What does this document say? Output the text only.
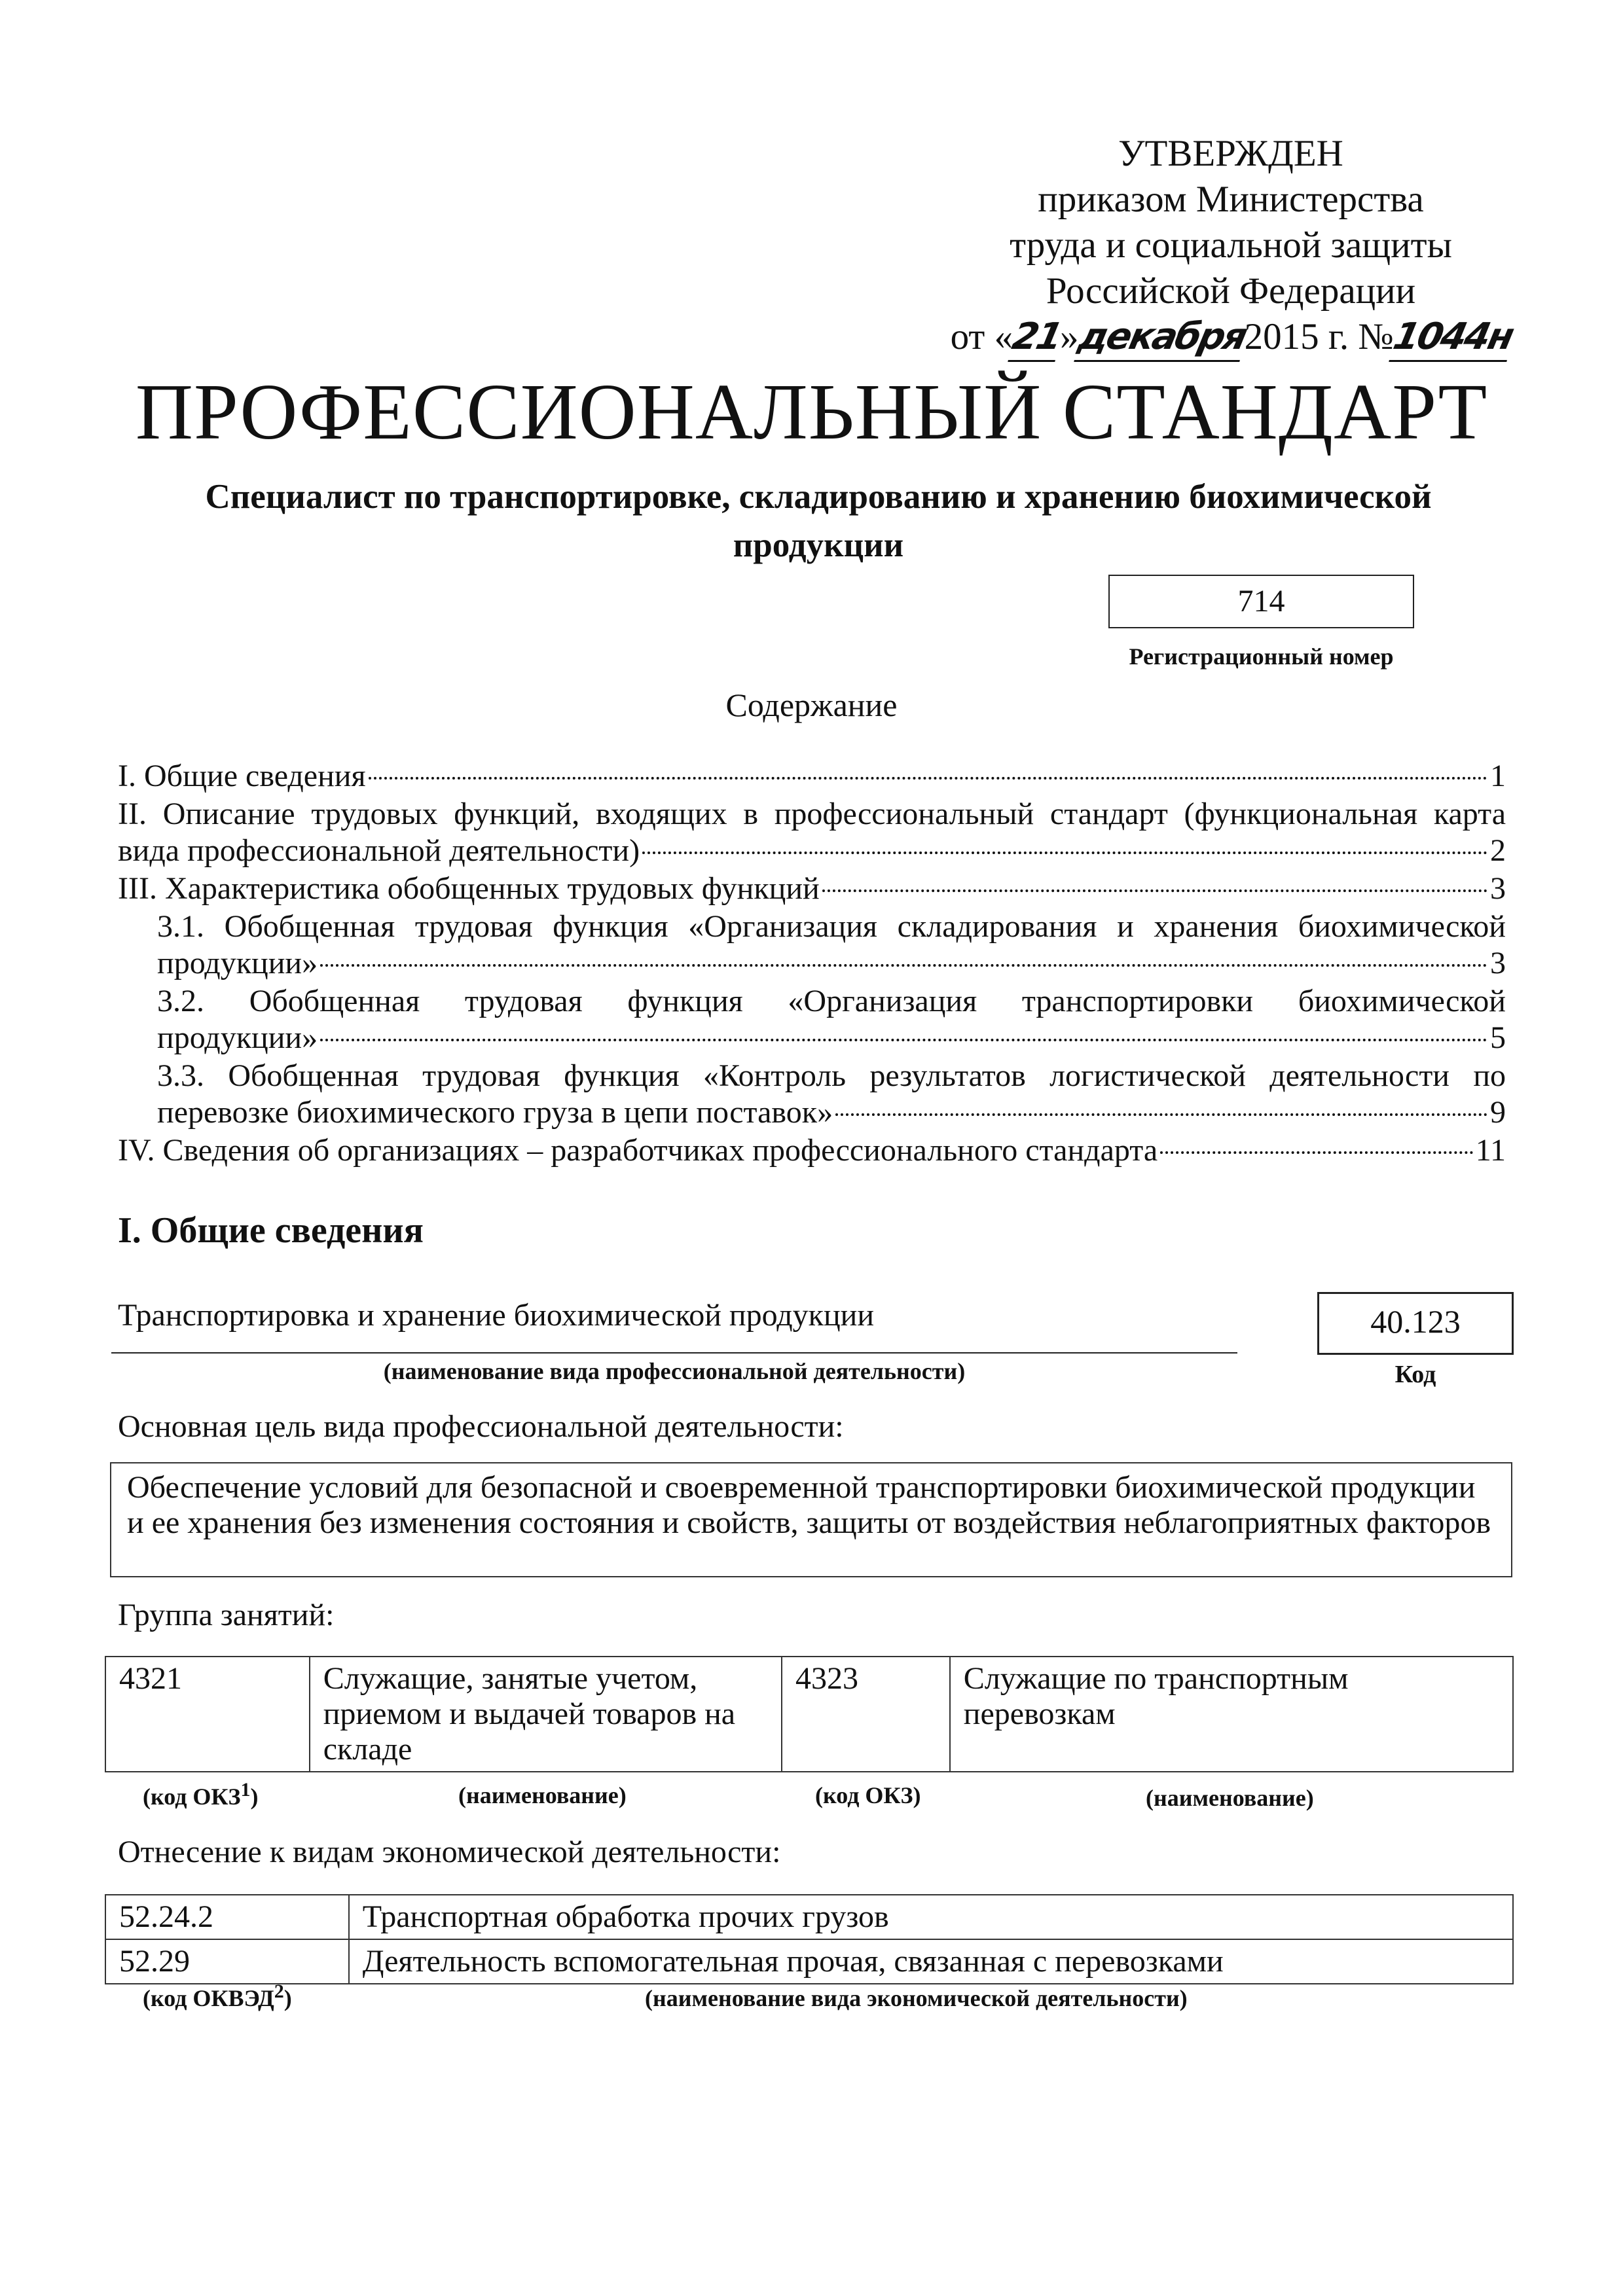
УТВЕРЖДЕН
приказом Министерства
труда и социальной защиты
Российской Федерации
от «21»декабря2015 г. №1044н
ПРОФЕССИОНАЛЬНЫЙ СТАНДАРТ
Специалист по транспортировке, складированию и хранению биохимической продукции
714
Регистрационный номер
Содержание
I. Общие сведения	1
II. Описание трудовых функций, входящих в профессиональный стандарт (функциональная карта
вида профессиональной деятельности)	2
III. Характеристика обобщенных трудовых функций	3
3.1. Обобщенная трудовая функция «Организация складирования и хранения биохимической
продукции»	3
3.2. Обобщенная трудовая функция «Организация транспортировки биохимической
продукции»	5
3.3. Обобщенная трудовая функция «Контроль результатов логистической деятельности по
перевозке биохимического груза в цепи поставок»	9
IV. Сведения об организациях – разработчиках профессионального стандарта	11
I. Общие сведения
Транспортировка и хранение биохимической продукции
(наименование вида профессиональной деятельности)
40.123
Код
Основная цель вида профессиональной деятельности:
Обеспечение условий для безопасной и своевременной транспортировки биохимической продукции и ее хранения без изменения состояния и свойств, защиты от воздействия неблагоприятных факторов
Группа занятий:
4321	Служащие, занятые учетом, приемом и выдачей товаров на складе	4323	Служащие по транспортным перевозкам
(код ОКЗ$^1$)	(наименование)	(код ОКЗ)	(наименование)
Отнесение к видам экономической деятельности:
52.24.2	Транспортная обработка прочих грузов
52.29	Деятельность вспомогательная прочая, связанная с перевозками
(код ОКВЭД$^2$)	(наименование вида экономической деятельности)
